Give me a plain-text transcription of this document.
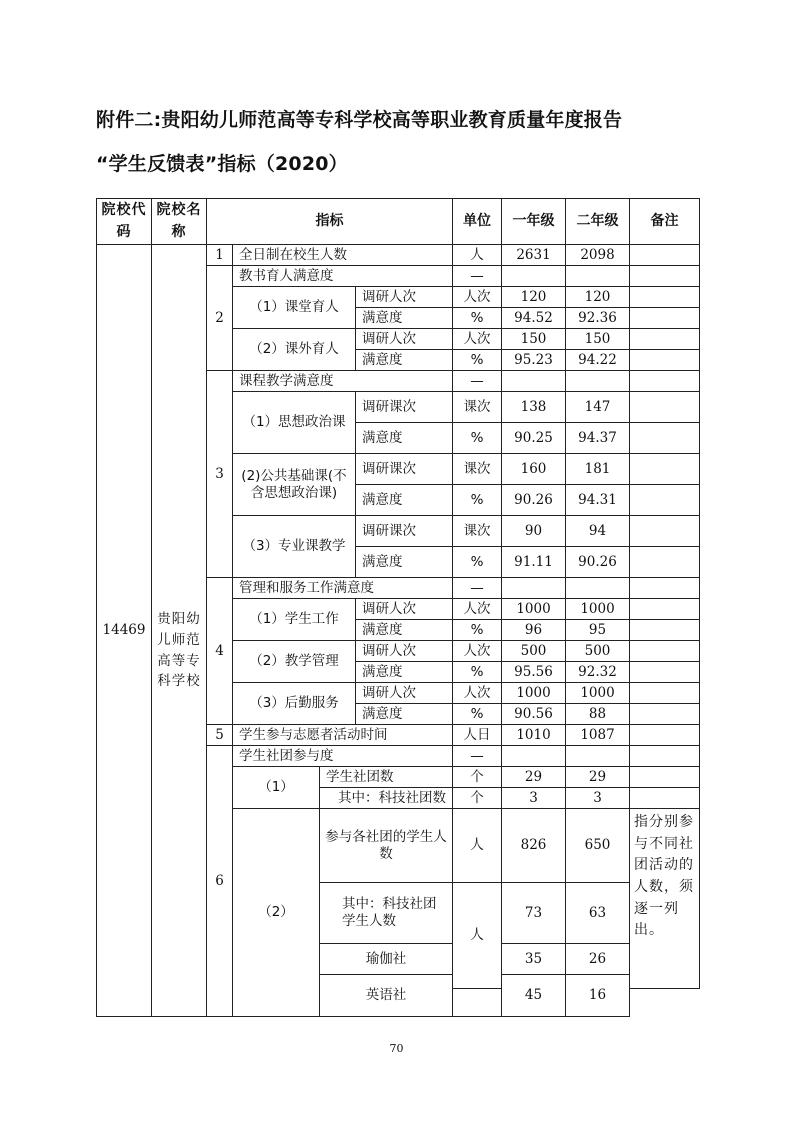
附件二:贵阳幼儿师范高等专科学校高等职业教育质量年度报告
“学生反馈表”指标（2020）
院校代码	院校名称	指标				单位	一年级	二年级	备注
14469	贵阳幼儿师范高等专科学校	1	全日制在校生人数			人	2631	2098	
		2	教书育人满意度			—			
			（1）课堂育人		调研人次	人次	120	120	
					满意度	%	94.52	92.36	
			（2）课外育人		调研人次	人次	150	150	
					满意度	%	95.23	94.22	
		3	课程教学满意度			—			
			（1）思想政治课		调研课次	课次	138	147	
					满意度	%	90.25	94.37	
			(2)公共基础课(不含思想政治课)		调研课次	课次	160	181	
					满意度	%	90.26	94.31	
			（3）专业课教学		调研课次	课次	90	94	
					满意度	%	91.11	90.26	
		4	管理和服务工作满意度			—			
			（1）学生工作		调研人次	人次	1000	1000	
					满意度	%	96	95	
			（2）教学管理		调研人次	人次	500	500	
					满意度	%	95.56	92.32	
			（3）后勤服务		调研人次	人次	1000	1000	
					满意度	%	90.56	88	
		5	学生参与志愿者活动时间			人日	1010	1087	
		6	学生社团参与度			—			
			（1）	学生社团数		个	29	29	
				其中：科技社团数		个	3	3	
			（2）	参与各社团的学生人数		人	826	650	指分别参与不同社团活动的人数，须逐一列出。

				其中：科技社团学生人数		人	73	63	

				瑜伽社			35	26	
				英语社			45	16	

70
